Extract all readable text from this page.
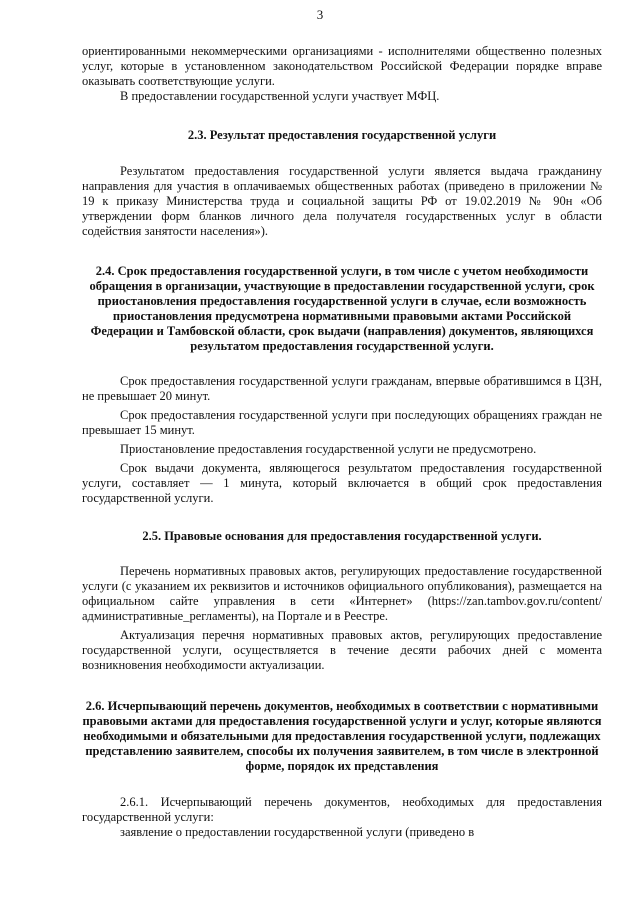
3

ориентированными некоммерческими организациями - исполнителями общественно полезных услуг, которые в установленном законодательством Российской Федерации порядке вправе оказывать соответствующие услуги.

В предоставлении государственной услуги участвует МФЦ.

2.3. Результат предоставления государственной услуги

Результатом предоставления государственной услуги является выдача гражданину направления для участия в оплачиваемых общественных работах (приведено в приложении № 19 к приказу Министерства труда и социальной защиты РФ от 19.02.2019 № 90н «Об утверждении форм бланков личного дела получателя государственных услуг в области содействия занятости населения»).

2.4. Срок предоставления государственной услуги, в том числе с учетом необходимости обращения в организации, участвующие в предоставлении государственной услуги, срок приостановления предоставления государственной услуги в случае, если возможность приостановления предусмотрена нормативными правовыми актами Российской Федерации и Тамбовской области, срок выдачи (направления) документов, являющихся результатом предоставления государственной услуги.

Срок предоставления государственной услуги гражданам, впервые обратившимся в ЦЗН, не превышает 20 минут.

Срок предоставления государственной услуги при последующих обращениях граждан не превышает 15 минут.

Приостановление предоставления государственной услуги не предусмотрено.

Срок выдачи документа, являющегося результатом предоставления государственной услуги, составляет — 1 минута, который включается в общий срок предоставления государственной услуги.

2.5. Правовые основания для предоставления государственной услуги.

Перечень нормативных правовых актов, регулирующих предоставление государственной услуги (с указанием их реквизитов и источников официального опубликования), размещается на официальном сайте управления в сети «Интернет» (https://zan.tambov.gov.ru/content/административные_регламенты), на Портале и в Реестре.

Актуализация перечня нормативных правовых актов, регулирующих предоставление государственной услуги, осуществляется в течение десяти рабочих дней с момента возникновения необходимости актуализации.

2.6. Исчерпывающий перечень документов, необходимых в соответствии с нормативными правовыми актами для предоставления государственной услуги и услуг, которые являются необходимыми и обязательными для предоставления государственной услуги, подлежащих представлению заявителем, способы их получения заявителем, в том числе в электронной форме, порядок их представления

2.6.1. Исчерпывающий перечень документов, необходимых для предоставления государственной услуги:

заявление о предоставлении государственной услуги (приведено в
